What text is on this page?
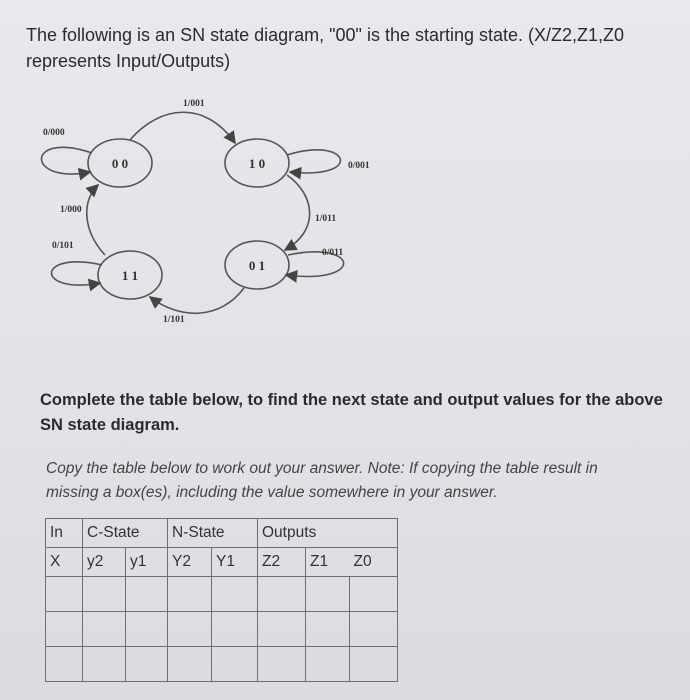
The following is an SN state diagram, "00" is the starting state. (X/Z2,Z1,Z0
represents Input/Outputs)

0 0	1 0
1 1
0 1
1/001
0/000
0/001
1/000
1/011
0/101
0/011
1/101

Complete the table below, to find the next state and output values for the above
SN state diagram.

Copy the table below to work out your answer. Note: If copying the table result in
missing a box(es), including the value somewhere in your answer.

In	C-State		N-State		Outputs		
X	y2	y1	Y2	Y1	Z2	Z1	Z0
